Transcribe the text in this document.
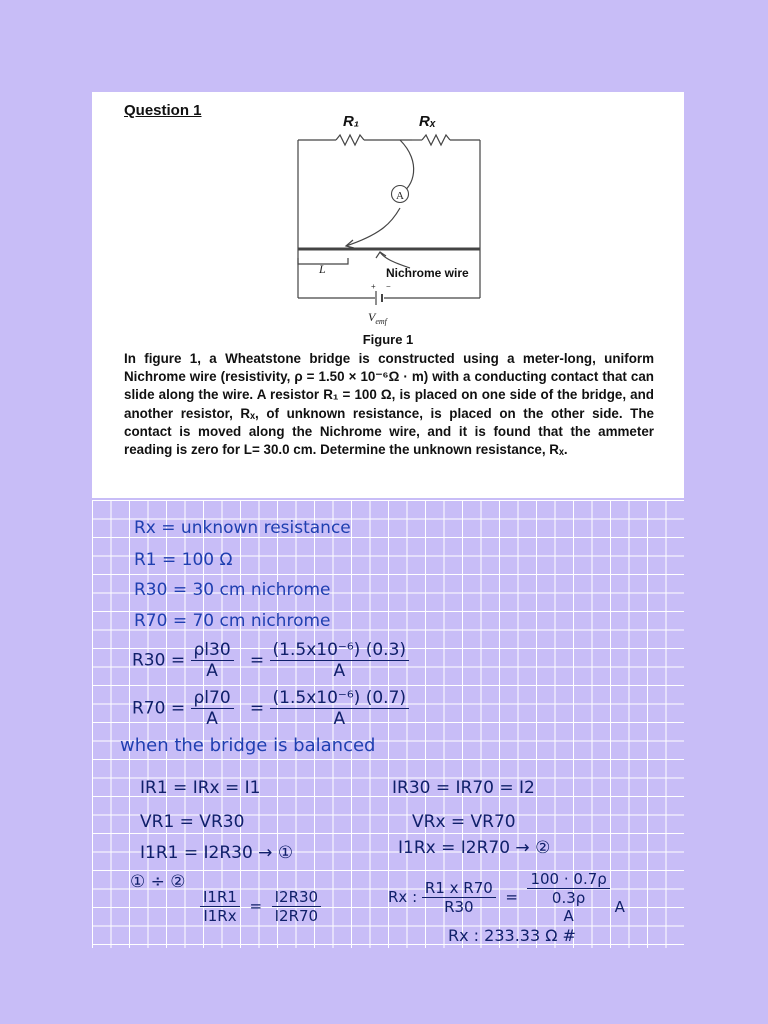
Question 1
A
R₁	Rₓ
L	Nichrome wire
+ −
$V_{emf}$
Figure 1
In figure 1, a Wheatstone bridge is constructed using a meter-long, uniform Nichrome wire (resistivity, ρ = 1.50 × 10⁻⁶Ω · m) with a conducting contact that can slide along the wire. A resistor R₁ = 100 Ω, is placed on one side of the bridge, and another resistor, Rₓ, of unknown resistance, is placed on the other side. The contact is moved along the Nichrome wire, and it is found that the ammeter reading is zero for L= 30.0 cm. Determine the unknown resistance, Rₓ.
Rx = unknown resistance
R1 = 100 Ω
R30 = 30 cm nichrome
R70 = 70 cm nichrome
$R30 = \frac{\rho l30}{A} = \frac{\text{(1.5x10⁻⁶) (0.3)}}{A}$
$R70 = \frac{\rho l70}{A} = \frac{\text{(1.5x10⁻⁶) (0.7)}}{A}$
when the bridge is balanced
IR1 = IRx = I1	IR30 = IR70 = I2
VR1 = VR30	VRx = VR70
I1R1 = I2R30 → ①	I1Rx = I2R70 → ②
① ÷ ②
$\frac{I1R1}{I1Rx} = \frac{I2R30}{I2R70}$	Rx : $\frac{\text{R1 x R70}}{R30}$ =
100 · 0.7ρ
0.3ρ
A

A
Rx : 233.33 Ω #
